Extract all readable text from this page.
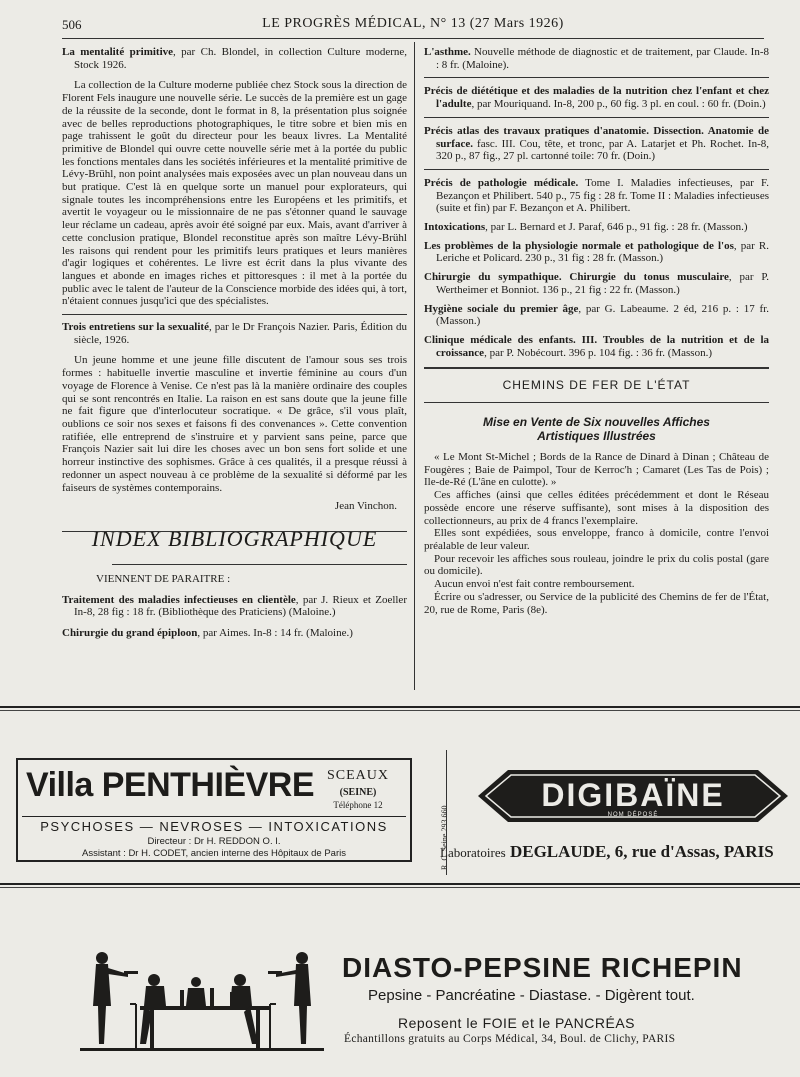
506	LE PROGRÈS MÉDICAL, N° 13 (27 Mars 1926)

La mentalité primitive, par Ch. Blondel, in collection Culture moderne, Stock 1926.

La collection de la Culture moderne publiée chez Stock sous la direction de Florent Fels inaugure une nouvelle série. Le succès de la première est un gage de la réussite de la seconde, dont le format in 8, la présentation plus soignée avec de belles reproductions photographiques, le titre sobre et bien mis en page trahissent le goût du directeur pour les beaux livres. La Mentalité primitive de Blondel qui ouvre cette nouvelle série met à la portée du public les fonctions mentales dans les sociétés inférieures et la mentalité primitive de Lévy-Brühl, non point analysées mais exposées avec un plan nouveau dans un but pratique. C'est là en quelque sorte un manuel pour explorateurs, qui signale toutes les incompréhensions entre les Européens et les primitifs, et avertit le voyageur ou le missionnaire de ne pas s'étonner quand le sauvage leur réclame un cadeau, après avoir été soigné par eux. Mais, avant d'arriver à cette conclusion pratique, Blondel reconstitue après son maître Lévy-Brühl les raisons qui rendent pour les primitifs leurs pratiques et leurs manières d'agir logiques et cohérentes. Le livre est écrit dans la plus vivante des langues et abonde en images riches et pittoresques : il met à la portée du public avec le talent de l'auteur de la Conscience morbide des idées qui, à tort, n'étaient connues jusqu'ici que des spécialistes.

Trois entretiens sur la sexualité, par le Dr François Nazier. Paris, Édition du siècle, 1926.

Un jeune homme et une jeune fille discutent de l'amour sous ses trois formes : habituelle invertie masculine et invertie féminine au cours d'un voyage de Florence à Venise. Ce n'est pas là la manière ordinaire des couples qui se sont rencontrés en Italie. La raison en est sans doute que la jeune fille ne fait figure que d'interlocuteur socratique. « De grâce, s'il vous plaît, oublions ce soir nos sexes et faisons fi des convenances ». Cette convention ratifiée, elle entreprend de s'instruire et y parvient sans peine, parce que François Nazier sait lui dire les choses avec un bon sens fort solide et une horreur instinctive des sophismes. Grâce à ces qualités, il a presque réussi à redonner un aspect nouveau à ce problème de la sexualité si déformé par les faiseurs de systèmes contemporains.

Jean Vinchon.

INDEX BIBLIOGRAPHIQUE

VIENNENT DE PARAITRE :

Traitement des maladies infectieuses en clientèle, par J. Rieux et Zoeller In-8, 28 fig : 18 fr. (Bibliothèque des Praticiens) (Maloine.)

Chirurgie du grand épiploon, par Aimes. In-8 : 14 fr. (Maloine.)

L'asthme. Nouvelle méthode de diagnostic et de traitement, par Claude. In-8 : 8 fr. (Maloine).

Précis de diététique et des maladies de la nutrition chez l'enfant et chez l'adulte, par Mouriquand. In-8, 200 p., 60 fig. 3 pl. en coul. : 60 fr. (Doin.)

Précis atlas des travaux pratiques d'anatomie. Dissection. Anatomie de surface. fasc. III. Cou, tête, et tronc, par A. Latarjet et Ph. Rochet. In-8, 320 p., 87 fig., 27 pl. cartonné toile: 70 fr. (Doin.)

Précis de pathologie médicale. Tome I. Maladies infectieuses, par F. Bezançon et Philibert. 540 p., 75 fig : 28 fr. Tome II : Maladies infectieuses (suite et fin) par F. Bezançon et A. Philibert.

Intoxications, par L. Bernard et J. Paraf, 646 p., 91 fig. : 28 fr. (Masson.)

Les problèmes de la physiologie normale et pathologique de l'os, par R. Leriche et Policard. 230 p., 31 fig : 28 fr. (Masson.)

Chirurgie du sympathique. Chirurgie du tonus musculaire, par P. Wertheimer et Bonniot. 136 p., 21 fig : 22 fr. (Masson.)

Hygiène sociale du premier âge, par G. Labeaume. 2 éd, 216 p. : 17 fr. (Masson.)

Clinique médicale des enfants. III. Troubles de la nutrition et de la croissance, par P. Nobécourt. 396 p. 104 fig. : 36 fr. (Masson.)

CHEMINS DE FER DE L'ÉTAT
Mise en Vente de Six nouvelles Affiches
Artistiques Illustrées

« Le Mont St-Michel ; Bords de la Rance de Dinard à Dinan ; Château de Fougères ; Baie de Paimpol, Tour de Kerroc'h ; Camaret (Les Tas de Pois) ; Ile-de-Ré (L'âne en culotte). »

Ces affiches (ainsi que celles éditées précédemment et dont le Réseau possède encore une réserve suffisante), sont mises à la disposition des collectionneurs, au prix de 4 francs l'exemplaire.

Elles sont expédiées, sous enveloppe, franco à domicile, contre l'envoi préalable de leur valeur.

Pour recevoir les affiches sous rouleau, joindre le prix du colis postal (gare ou domicile).

Aucun envoi n'est fait contre remboursement.

Écrire ou s'adresser, ou Service de la publicité des Chemins de fer de l'État, 20, rue de Rome, Paris (8e).

Villa PENTHIÈVRE SCEAUX
(SEINE)
Téléphone 12
PSYCHOSES — NEVROSES — INTOXICATIONS
Directeur : Dr H. REDDON O. I.
Assistant : Dr H. CODET, ancien interne des Hôpitaux de Paris	R. C. Seine 293.660
DIGIBAÏNE
NOM DÉPOSÉ
Laboratoires DEGLAUDE, 6, rue d'Assas, PARIS
DIASTO-PEPSINE RICHEPIN
Pepsine - Pancréatine - Diastase. - Digèrent tout.
Reposent le FOIE et le PANCRÉAS
Échantillons gratuits au Corps Médical, 34, Boul. de Clichy, PARIS
